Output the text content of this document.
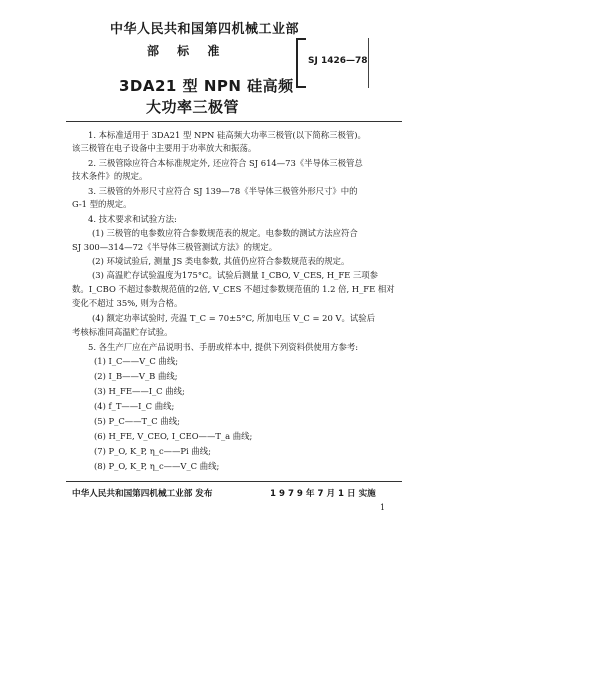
中华人民共和国第四机械工业部
部 标 准
SJ 1426—78
3DA21 型 NPN 硅高频
大功率三极管
1. 本标准适用于 3DA21 型 NPN 硅高频大功率三极管(以下简称三极管)。
该三极管在电子设备中主要用于功率放大和振荡。
2. 三极管除应符合本标准规定外, 还应符合 SJ 614—73《半导体三极管总
技术条件》的规定。
3. 三极管的外形尺寸应符合 SJ 139—78《半导体三极管外形尺寸》中的
G-1 型的规定。
4. 技术要求和试验方法:
(1) 三极管的电参数应符合参数规范表的规定。电参数的测试方法应符合
SJ 300—314—72《半导体三极管测试方法》的规定。
(2) 环境试验后, 测量 JS 类电参数, 其值仍应符合参数规范表的规定。
(3) 高温贮存试验温度为175°C。试验后测量 I_CBO, V_CES, H_FE 三项参
数。I_CBO 不超过参数规范值的2倍, V_CES 不超过参数规范值的 1.2 倍, H_FE 相对
变化不超过 35%, 则为合格。
(4) 额定功率试验时, 壳温 T_C = 70±5°C, 所加电压 V_C = 20 V。试验后
考核标准同高温贮存试验。
5. 各生产厂应在产品说明书、手册或样本中, 提供下列资料供使用方参考:
(1) I_C——V_C 曲线;
(2) I_B——V_B 曲线;
(3) H_FE——I_C 曲线;
(4) f_T——I_C 曲线;
(5) P_C——T_C 曲线;
(6) H_FE, V_CEO, I_CEO——T_a 曲线;
(7) P_O, K_P, η_c——Pi 曲线;
(8) P_O, K_P, η_c——V_C 曲线;
中华人民共和国第四机械工业部 发布	1 9 7 9 年 7 月 1 日 实施
1
